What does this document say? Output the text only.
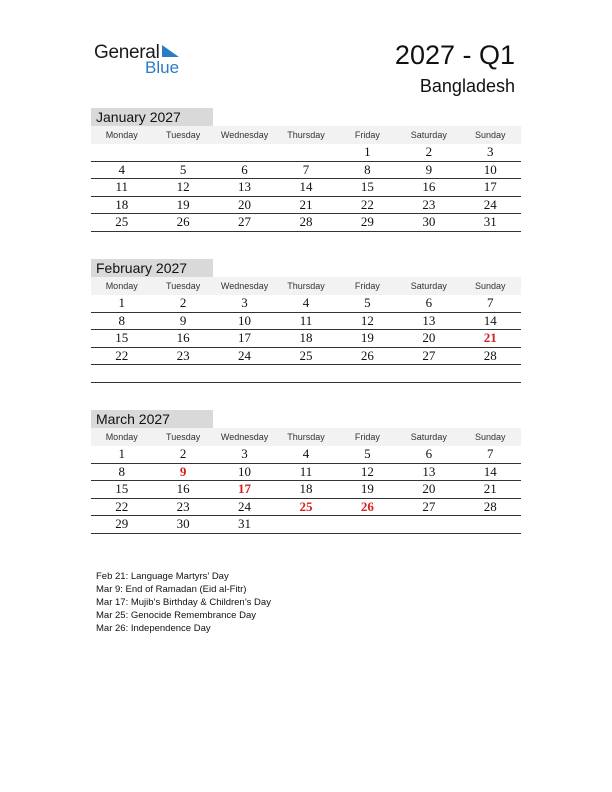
General
Blue	2027 - Q1
Bangladesh
January 2027
Monday	Tuesday	Wednesday	Thursday	Friday	Saturday	Sunday
				1	2	3
4	5	6	7	8	9	10
11	12	13	14	15	16	17
18	19	20	21	22	23	24
25	26	27	28	29	30	31
February 2027
Monday	Tuesday	Wednesday	Thursday	Friday	Saturday	Sunday
1	2	3	4	5	6	7
8	9	10	11	12	13	14
15	16	17	18	19	20	21
22	23	24	25	26	27	28

March 2027
Monday	Tuesday	Wednesday	Thursday	Friday	Saturday	Sunday
1	2	3	4	5	6	7
8	9	10	11	12	13	14
15	16	17	18	19	20	21
22	23	24	25	26	27	28
29	30	31				
Feb 21: Language Martyrs’ Day
Mar 9: End of Ramadan (Eid al-Fitr)
Mar 17: Mujib’s Birthday & Children’s Day
Mar 25: Genocide Remembrance Day
Mar 26: Independence Day
